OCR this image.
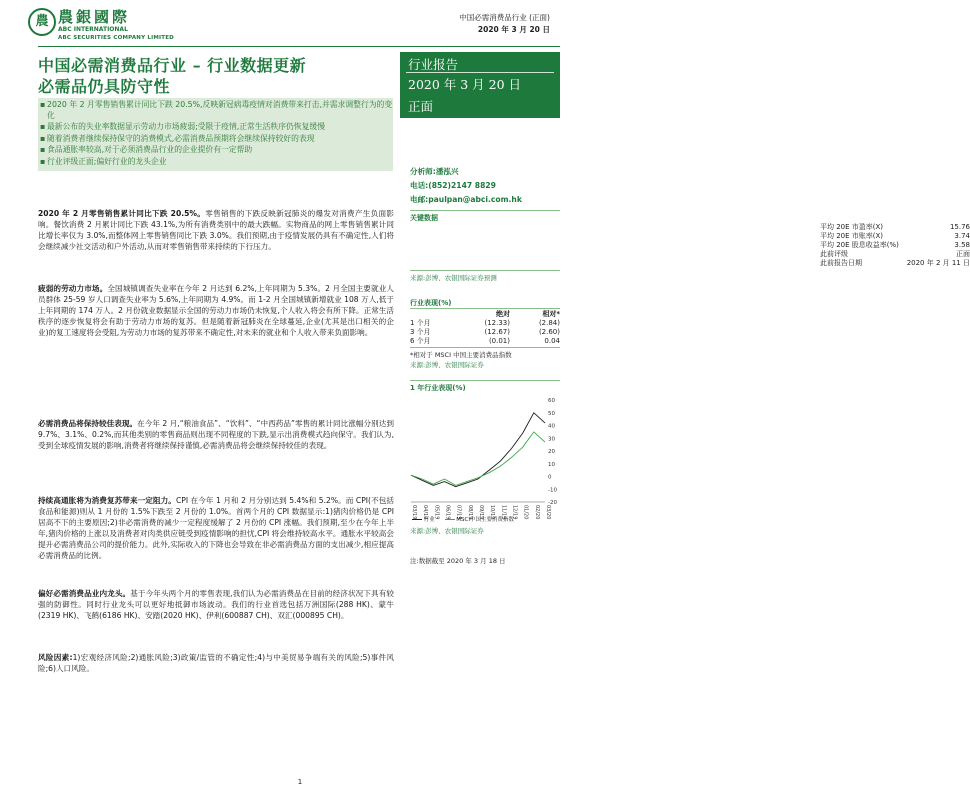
農 農銀國際
ABC INTERNATIONAL
ABC SECURITIES COMPANY LIMITED
中国必需消费品行业 (正面)
2020 年 3 月 20 日
中国必需消费品行业 – 行业数据更新
必需品仍具防守性
行业报告
2020 年 3 月 20 日
正面
▪ 2020 年 2 月零售销售累计同比下跌 20.5%,反映新冠病毒疫情对消费带来打击,并需求调整行为的变化
▪ 最新公布的失业率数据显示劳动力市场疲弱;受限于疫情,正常生活秩序仍恢复缓慢
▪ 随着消费者继续保持保守的消费模式,必需消费品预期将会继续保持较好的表现
▪ 食品通胀率较高,对于必须消费品行业的企业提价有一定帮助
▪ 行业评级正面;偏好行业的龙头企业
2020 年 2 月零售销售累计同比下跌 20.5%。零售销售的下跌反映新冠肺炎的爆发对消费产生负面影响。餐饮消费 2 月累计同比下跌 43.1%,为所有消费类别中的最大跌幅。实物商品的网上零售销售累计同比增长率仅为 3.0%,而整体网上零售销售同比下跌 3.0%。我们预期,由于疫情发展仍具有不确定性,人们将会继续减少社交活动和户外活动,从而对零售销售带来持续的下行压力。
疲弱的劳动力市场。全国城镇调查失业率在今年 2 月达到 6.2%,上年同期为 5.3%。2 月全国主要就业人员群体 25-59 岁人口调查失业率为 5.6%,上年同期为 4.9%。而 1-2 月全国城镇新增就业 108 万人,低于上年同期的 174 万人。2 月份就业数据显示全国的劳动力市场仍未恢复,个人收入将会有所下降。正常生活秩序的逐步恢复将会有助于劳动力市场的复苏。但是随着新冠肺炎在全球蔓延,企业(尤其是出口相关的企业)的复工速度将会受阻,为劳动力市场的复苏带来不确定性,对未来的就业和个人收入带来负面影响。
必需消费品将保持较佳表现。在今年 2 月,“粮油食品”、“饮料”、“中西药品”零售的累计同比涨幅分别达到 9.7%、3.1%、0.2%,而其他类别的零售商品则出现不同程度的下跌,显示出消费模式趋向保守。我们认为,受到全球疫情发展的影响,消费者将继续保持谨慎,必需消费品将会继续保持较佳的表现。
持续高通胀将为消费复苏带来一定阻力。CPI 在今年 1 月和 2 月分别达到 5.4%和 5.2%。而 CPI(不包括食品和能源)则从 1 月份的 1.5%下跌至 2 月份的 1.0%。首两个月的 CPI 数据显示:1)猪肉价格仍是 CPI 居高不下的主要原因;2)非必需消费的减少一定程度缓解了 2 月份的 CPI 涨幅。我们预期,至少在今年上半年,猪肉价格的上涨以及消费者对肉类供应链受到疫情影响的担忧,CPI 将会维持较高水平。通胀水平较高会提升必需消费品公司的提价能力。此外,实际收入的下降也会导致在非必需消费品方面的支出减少,相应提高必需消费品的比例。
偏好必需消费品业内龙头。基于今年头两个月的零售表现,我们认为必需消费品在目前的经济状况下具有较强的防御性。同时行业龙头可以更好地抵御市场波动。我们的行业首选包括万洲国际(288 HK)、蒙牛(2319 HK)、飞鹤(6186 HK)、安踏(2020 HK)、伊利(600887 CH)、双汇(000895 CH)。
风险因素:1)宏观经济风险;2)通胀风险;3)政策/监管的不确定性;4)与中美贸易争端有关的风险;5)事件风险;6)人口风险。
分析师:潘泓兴
电话:(852)2147 8829
电邮:paulpan@abci.com.hk
关键数据
平均 20E 市盈率(X)	15.76
平均 20E 市账率(X)	3.74
平均 20E 股息收益率(%)	3.58
此前评级	正面
此前报告日期	2020 年 2 月 11 日
来源:彭博、农银国际证券预测
行业表现(%)
绝对	相对*
1 个月	(12.33)	(2.84)
3 个月	(12.67)	(2.60)
6 个月	(0.01)	0.04
*相对于 MSCI 中国主要消费品指数
来源:彭博、农银国际证券
1 年行业表现(%)
-20
-10
0
10
20
30
40
50
60
03/19 04/19 05/19 06/19 07/19 08/19 09/19 10/19 11/19 12/19 01/20 02/20 03/20
来源:彭博、农银国际证券
注:数据截至 2020 年 3 月 18 日
1
行业	MSCI中国主要消费指数
